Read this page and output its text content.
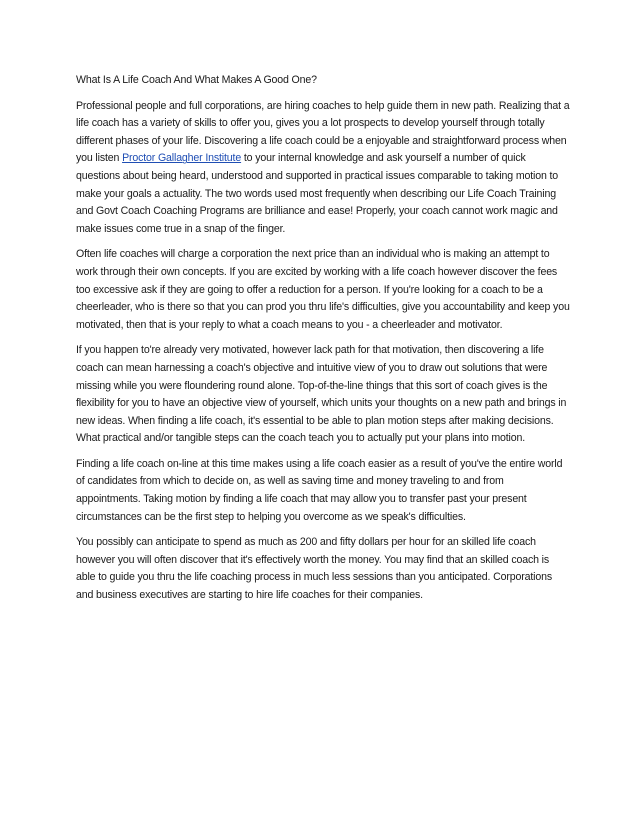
What Is A Life Coach And What Makes A Good One?

Professional people and full corporations, are hiring coaches to help guide them in new path. Realizing that a life coach has a variety of skills to offer you, gives you a lot prospects to develop yourself through totally different phases of your life. Discovering a life coach could be a enjoyable and straightforward process when you listen Proctor Gallagher Institute to your internal knowledge and ask yourself a number of quick questions about being heard, understood and supported in practical issues comparable to taking motion to make your goals a actuality. The two words used most frequently when describing our Life Coach Training and Govt Coach Coaching Programs are brilliance and ease! Properly, your coach cannot work magic and make issues come true in a snap of the finger.

Often life coaches will charge a corporation the next price than an individual who is making an attempt to work through their own concepts. If you are excited by working with a life coach however discover the fees too excessive ask if they are going to offer a reduction for a person. If you're looking for a coach to be a cheerleader, who is there so that you can prod you thru life's difficulties, give you accountability and keep you motivated, then that is your reply to what a coach means to you - a cheerleader and motivator.

If you happen to're already very motivated, however lack path for that motivation, then discovering a life coach can mean harnessing a coach's objective and intuitive view of you to draw out solutions that were missing while you were floundering round alone. Top-of-the-line things that this sort of coach gives is the flexibility for you to have an objective view of yourself, which units your thoughts on a new path and brings in new ideas. When finding a life coach, it's essential to be able to plan motion steps after making decisions. What practical and/or tangible steps can the coach teach you to actually put your plans into motion.

Finding a life coach on-line at this time makes using a life coach easier as a result of you've the entire world of candidates from which to decide on, as well as saving time and money traveling to and from appointments. Taking motion by finding a life coach that may allow you to transfer past your present circumstances can be the first step to helping you overcome as we speak's difficulties.

You possibly can anticipate to spend as much as 200 and fifty dollars per hour for an skilled life coach however you will often discover that it's effectively worth the money. You may find that an skilled coach is able to guide you thru the life coaching process in much less sessions than you anticipated. Corporations and business executives are starting to hire life coaches for their companies.
